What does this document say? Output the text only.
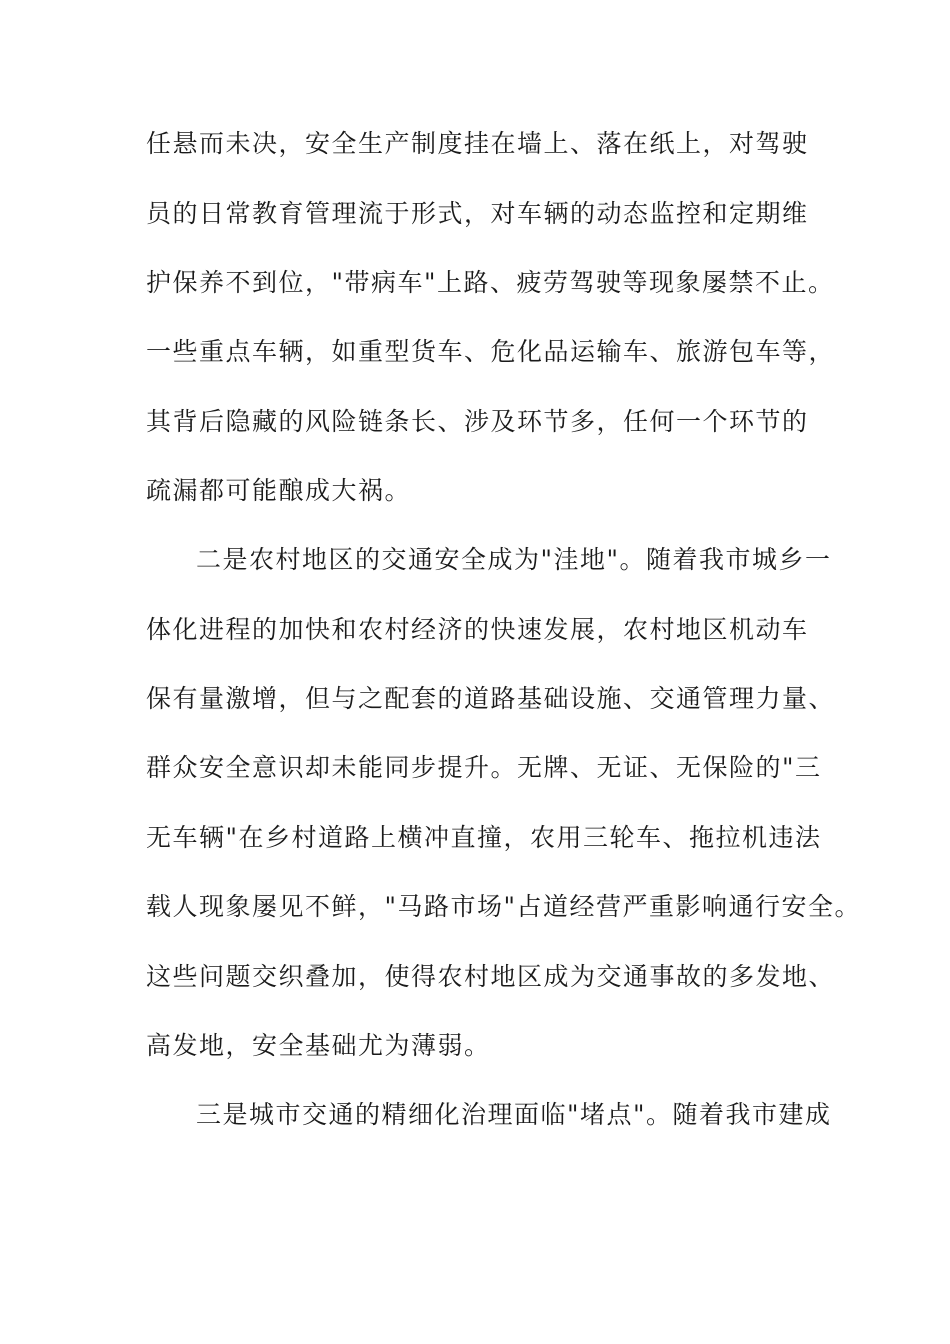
任悬而未决，安全生产制度挂在墙上、落在纸上，对驾驶
员的日常教育管理流于形式，对车辆的动态监控和定期维
护保养不到位，"带病车"上路、疲劳驾驶等现象屡禁不止。
一些重点车辆，如重型货车、危化品运输车、旅游包车等，
其背后隐藏的风险链条长、涉及环节多，任何一个环节的
疏漏都可能酿成大祸。
二是农村地区的交通安全成为"洼地"。随着我市城乡一
体化进程的加快和农村经济的快速发展，农村地区机动车
保有量激增，但与之配套的道路基础设施、交通管理力量、
群众安全意识却未能同步提升。无牌、无证、无保险的"三
无车辆"在乡村道路上横冲直撞，农用三轮车、拖拉机违法
载人现象屡见不鲜，"马路市场"占道经营严重影响通行安全。
这些问题交织叠加，使得农村地区成为交通事故的多发地、
高发地，安全基础尤为薄弱。
三是城市交通的精细化治理面临"堵点"。随着我市建成
